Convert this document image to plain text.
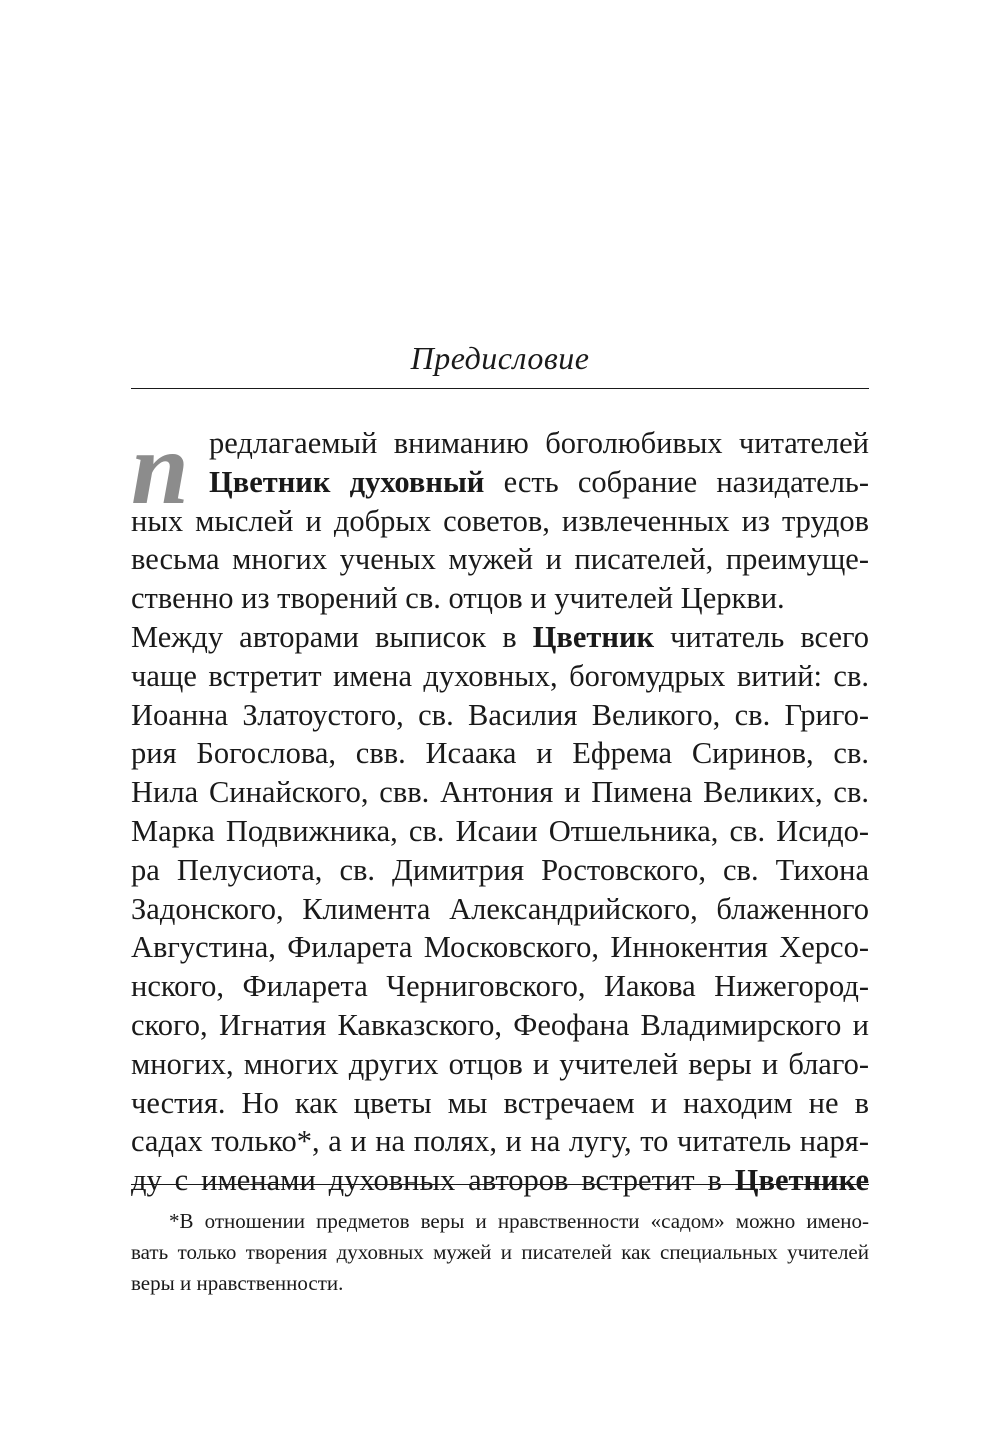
Предисловие
п редлагаемый вниманию боголюбивых читателей
Цветник духовный есть собрание назидатель-
ных мыслей и добрых советов, извлеченных из трудов
весьма многих ученых мужей и писателей, преимуще-
ственно из творений св. отцов и учителей Церкви.
Между авторами выписок в Цветник читатель всего
чаще встретит имена духовных, богомудрых витий: св.
Иоанна Златоустого, св. Василия Великого, св. Григо-
рия Богослова, свв. Исаака и Ефрема Сиринов, св.
Нила Синайского, свв. Антония и Пимена Великих, св.
Марка Подвижника, св. Исаии Отшельника, св. Исидо-
ра Пелусиота, св. Димитрия Ростовского, св. Тихона
Задонского, Климента Александрийского, блаженного
Августина, Филарета Московского, Иннокентия Херсо-
нского, Филарета Черниговского, Иакова Нижегород-
ского, Игнатия Кавказского, Феофана Владимирского и
многих, многих других отцов и учителей веры и благо-
честия. Но как цветы мы встречаем и находим не в
садах только*, а и на полях, и на лугу, то читатель наря-
ду с именами духовных авторов встретит в Цветнике
*В отношении предметов веры и нравственности «садом» можно имено-
вать только творения духовных мужей и писателей как специальных учителей
веры и нравственности.
